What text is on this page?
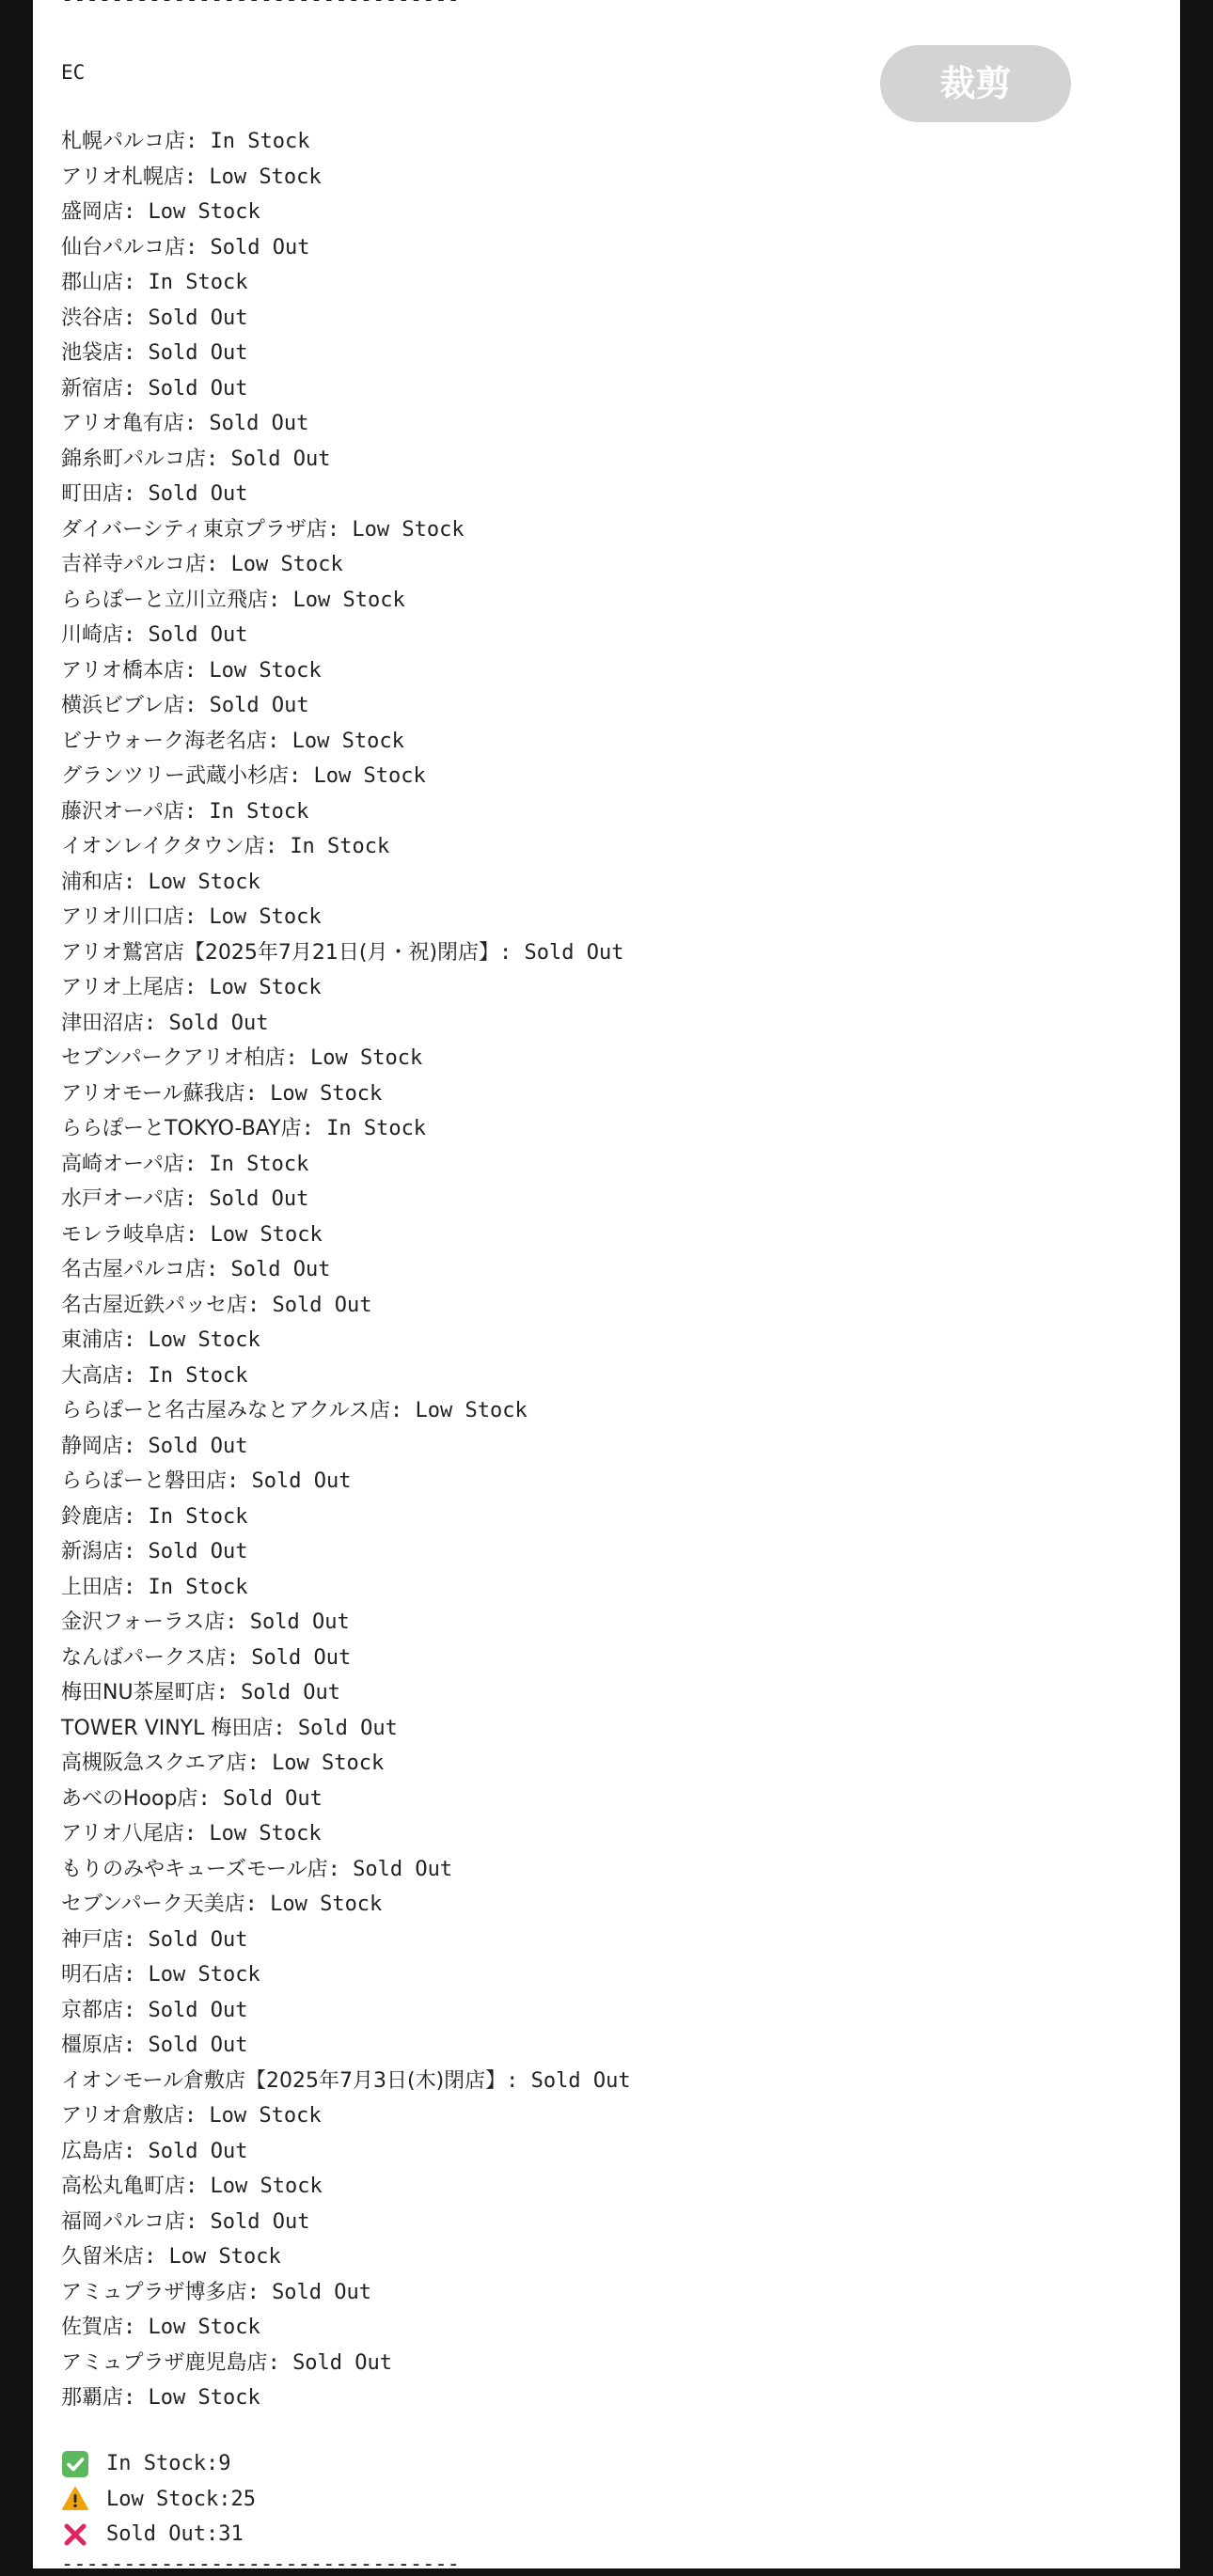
EC	裁剪
札幌パルコ店: In Stock
アリオ札幌店: Low Stock
盛岡店: Low Stock
仙台パルコ店: Sold Out
郡山店: In Stock
渋谷店: Sold Out
池袋店: Sold Out
新宿店: Sold Out
アリオ亀有店: Sold Out
錦糸町パルコ店: Sold Out
町田店: Sold Out
ダイバーシティ東京プラザ店: Low Stock
吉祥寺パルコ店: Low Stock
ららぽーと立川立飛店: Low Stock
川崎店: Sold Out
アリオ橋本店: Low Stock
横浜ビブレ店: Sold Out
ビナウォーク海老名店: Low Stock
グランツリー武蔵小杉店: Low Stock
藤沢オーパ店: In Stock
イオンレイクタウン店: In Stock
浦和店: Low Stock
アリオ川口店: Low Stock
アリオ鷲宮店【2025年7月21日(月・祝)閉店】: Sold Out
アリオ上尾店: Low Stock
津田沼店: Sold Out
セブンパークアリオ柏店: Low Stock
アリオモール蘇我店: Low Stock
ららぽーとTOKYO-BAY店: In Stock
高崎オーパ店: In Stock
水戸オーパ店: Sold Out
モレラ岐阜店: Low Stock
名古屋パルコ店: Sold Out
名古屋近鉄パッセ店: Sold Out
東浦店: Low Stock
大高店: In Stock
ららぽーと名古屋みなとアクルス店: Low Stock
静岡店: Sold Out
ららぽーと磐田店: Sold Out
鈴鹿店: In Stock
新潟店: Sold Out
上田店: In Stock
金沢フォーラス店: Sold Out
なんばパークス店: Sold Out
梅田NU茶屋町店: Sold Out
TOWER VINYL 梅田店: Sold Out
高槻阪急スクエア店: Low Stock
あべのHoop店: Sold Out
アリオ八尾店: Low Stock
もりのみやキューズモール店: Sold Out
セブンパーク天美店: Low Stock
神戸店: Sold Out
明石店: Low Stock
京都店: Sold Out
橿原店: Sold Out
イオンモール倉敷店【2025年7月3日(木)閉店】: Sold Out
アリオ倉敷店: Low Stock
広島店: Sold Out
高松丸亀町店: Low Stock
福岡パルコ店: Sold Out
久留米店: Low Stock
アミュプラザ博多店: Sold Out
佐賀店: Low Stock
アミュプラザ鹿児島店: Sold Out
那覇店: Low Stock
In Stock : 9
Low Stock : 25
Sold Out : 31
--------------------------------
